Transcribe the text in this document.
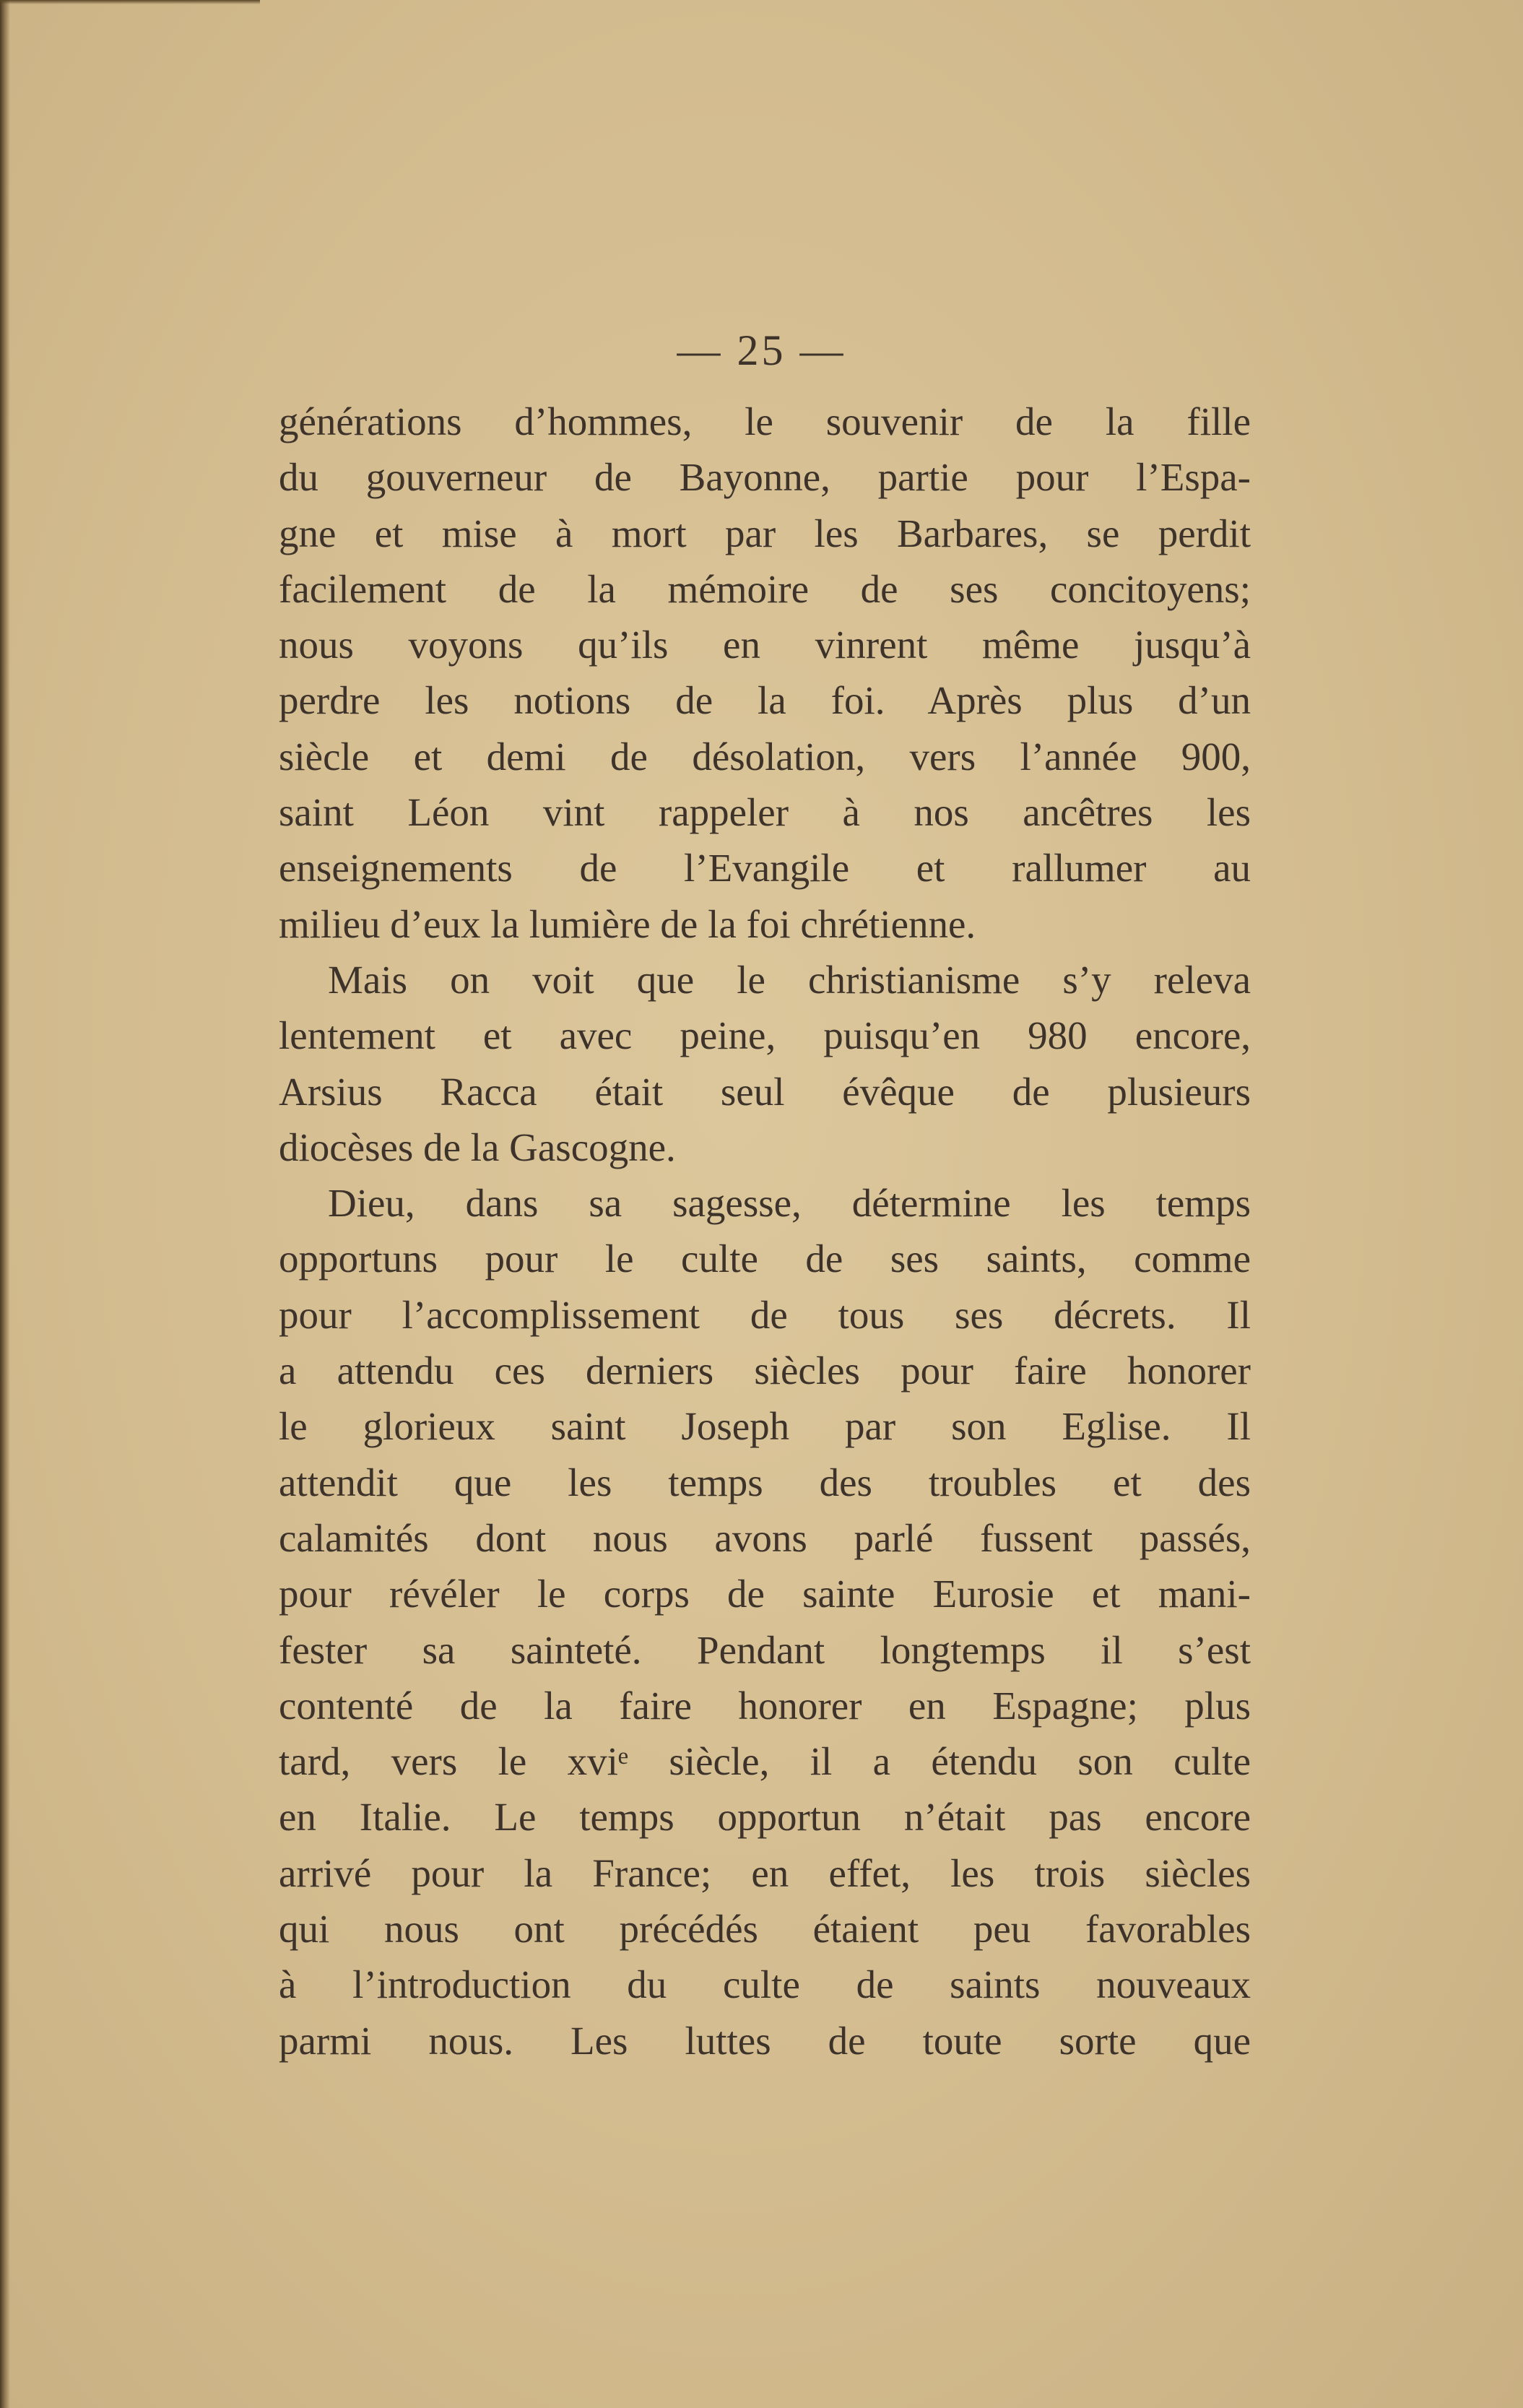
— 25 —
générations d’hommes, le souvenir de la fille
du gouverneur de Bayonne, partie pour l’Espa-
gne et mise à mort par les Barbares, se perdit
facilement de la mémoire de ses concitoyens;
nous voyons qu’ils en vinrent même jusqu’à
perdre les notions de la foi. Après plus d’un
siècle et demi de désolation, vers l’année 900,
saint Léon vint rappeler à nos ancêtres les
enseignements de l’Evangile et rallumer au
milieu d’eux la lumière de la foi chrétienne.
Mais on voit que le christianisme s’y releva
lentement et avec peine, puisqu’en 980 encore,
Arsius Racca était seul évêque de plusieurs
diocèses de la Gascogne.
Dieu, dans sa sagesse, détermine les temps
opportuns pour le culte de ses saints, comme
pour l’accomplissement de tous ses décrets. Il
a attendu ces derniers siècles pour faire honorer
le glorieux saint Joseph par son Eglise. Il
attendit que les temps des troubles et des
calamités dont nous avons parlé fussent passés,
pour révéler le corps de sainte Eurosie et mani-
fester sa sainteté. Pendant longtemps il s’est
contenté de la faire honorer en Espagne; plus
tard, vers le xviᵉ siècle, il a étendu son culte
en Italie. Le temps opportun n’était pas encore
arrivé pour la France; en effet, les trois siècles
qui nous ont précédés étaient peu favorables
à l’introduction du culte de saints nouveaux
parmi nous. Les luttes de toute sorte que
